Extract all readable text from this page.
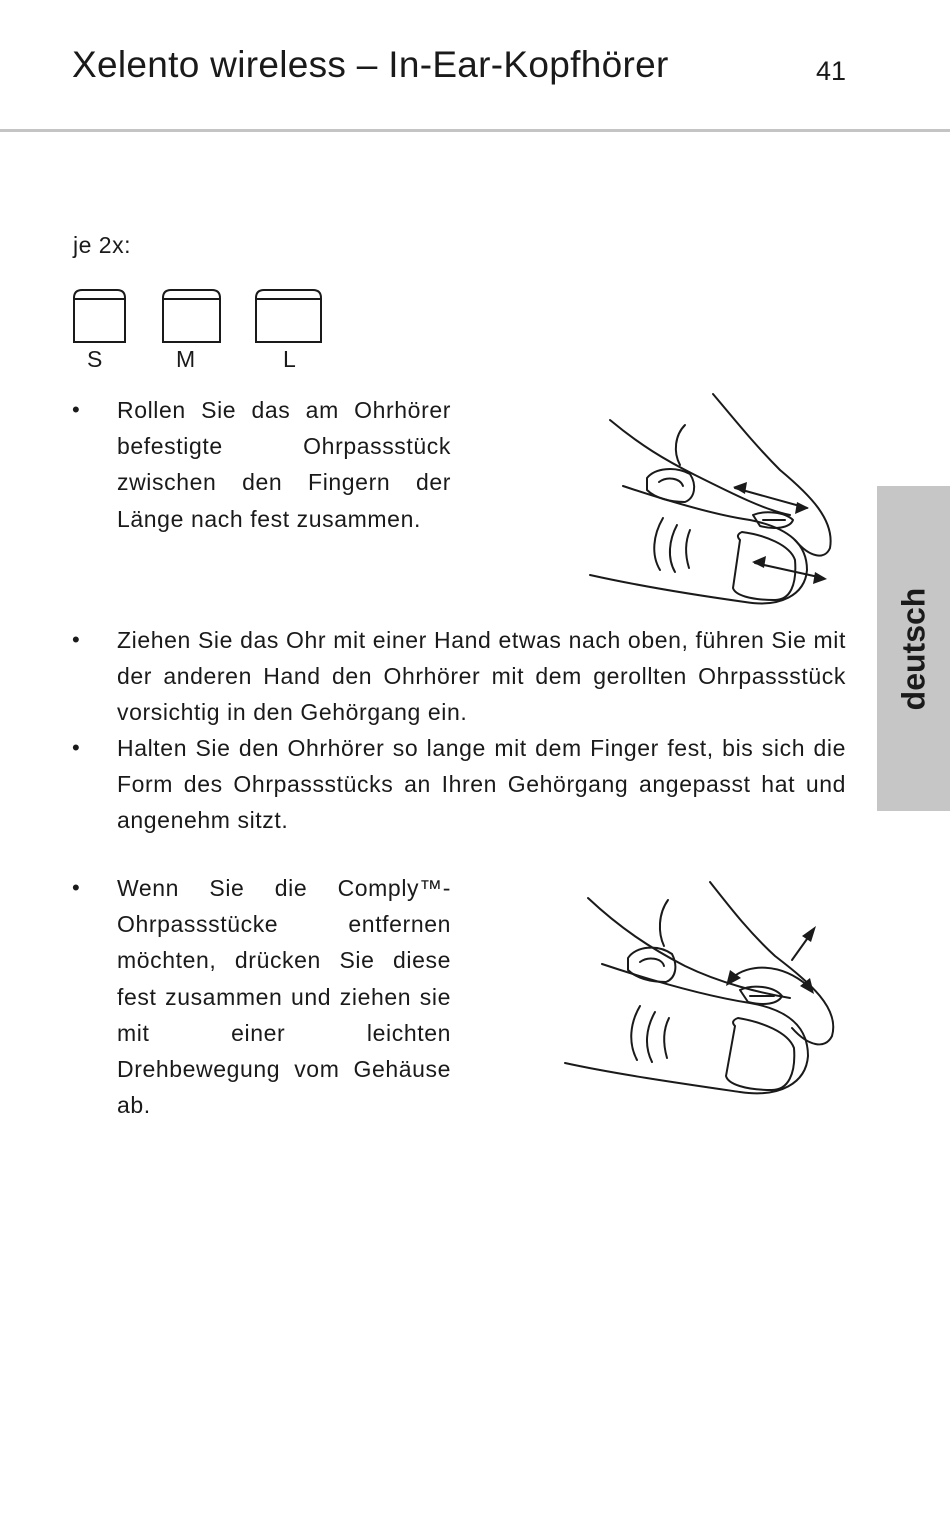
Xelento wireless – In-Ear-Kopfhörer	41
deutsch
je 2x:
S	M	L
• Rollen Sie das am Ohrhörer befestigte Ohrpassstück zwischen den Fingern der Länge nach fest zusammen.
• Ziehen Sie das Ohr mit einer Hand etwas nach oben, führen Sie mit der anderen Hand den Ohrhörer mit dem gerollten Ohrpassstück vorsichtig in den Gehörgang ein.
• Halten Sie den Ohrhörer so lange mit dem Finger fest, bis sich die Form des Ohrpassstücks an Ihren Gehörgang angepasst hat und angenehm sitzt.
• Wenn Sie die Comply™-Ohrpassstücke entfernen möchten, drücken Sie diese fest zusammen und ziehen sie mit einer leichten Drehbewegung vom Gehäuse ab.
